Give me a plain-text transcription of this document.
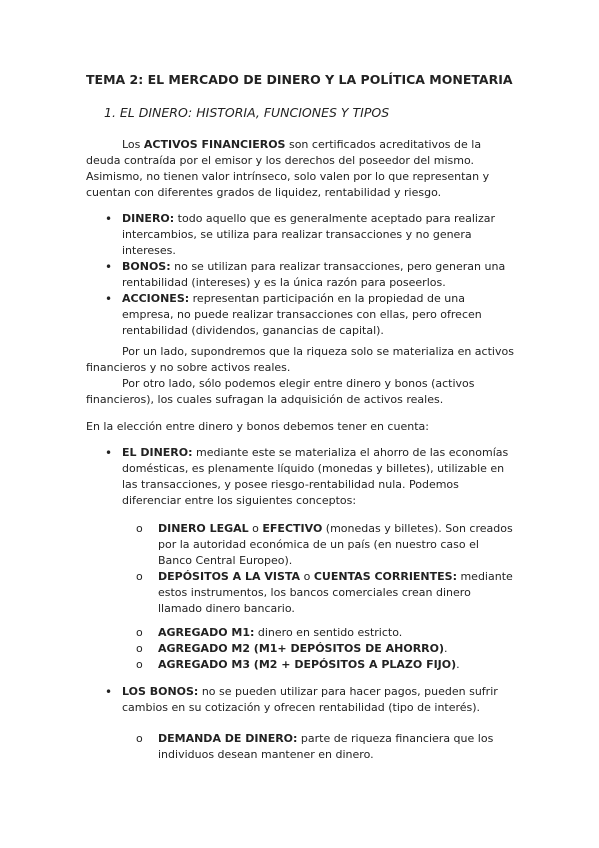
TEMA 2: EL MERCADO DE DINERO Y LA POLÍTICA MONETARIA
1. EL DINERO: HISTORIA, FUNCIONES Y TIPOS

Los ACTIVOS FINANCIEROS son certificados acreditativos de la deuda contraída por el emisor y los derechos del poseedor del mismo. Asimismo, no tienen valor intrínseco, solo valen por lo que representan y cuentan con diferentes grados de liquidez, rentabilidad y riesgo.

• DINERO: todo aquello que es generalmente aceptado para realizar intercambios, se utiliza para realizar transacciones y no genera intereses.
• BONOS: no se utilizan para realizar transacciones, pero generan una rentabilidad (intereses) y es la única razón para poseerlos.
• ACCIONES: representan participación en la propiedad de una empresa, no puede realizar transacciones con ellas, pero ofrecen rentabilidad (dividendos, ganancias de capital).

Por un lado, supondremos que la riqueza solo se materializa en activos financieros y no sobre activos reales.

Por otro lado, sólo podemos elegir entre dinero y bonos (activos financieros), los cuales sufragan la adquisición de activos reales.

En la elección entre dinero y bonos debemos tener en cuenta:

• EL DINERO: mediante este se materializa el ahorro de las economías domésticas, es plenamente líquido (monedas y billetes), utilizable en las transacciones, y posee riesgo-rentabilidad nula. Podemos diferenciar entre los siguientes conceptos:
o DINERO LEGAL o EFECTIVO (monedas y billetes). Son creados por la autoridad económica de un país (en nuestro caso el Banco Central Europeo).
o DEPÓSITOS A LA VISTA o CUENTAS CORRIENTES: mediante estos instrumentos, los bancos comerciales crean dinero llamado dinero bancario.
o AGREGADO M1: dinero en sentido estricto.
o AGREGADO M2 (M1+ DEPÓSITOS DE AHORRO).
o AGREGADO M3 (M2 + DEPÓSITOS A PLAZO FIJO).
• LOS BONOS: no se pueden utilizar para hacer pagos, pueden sufrir cambios en su cotización y ofrecen rentabilidad (tipo de interés).
o DEMANDA DE DINERO: parte de riqueza financiera que los individuos desean mantener en dinero.
